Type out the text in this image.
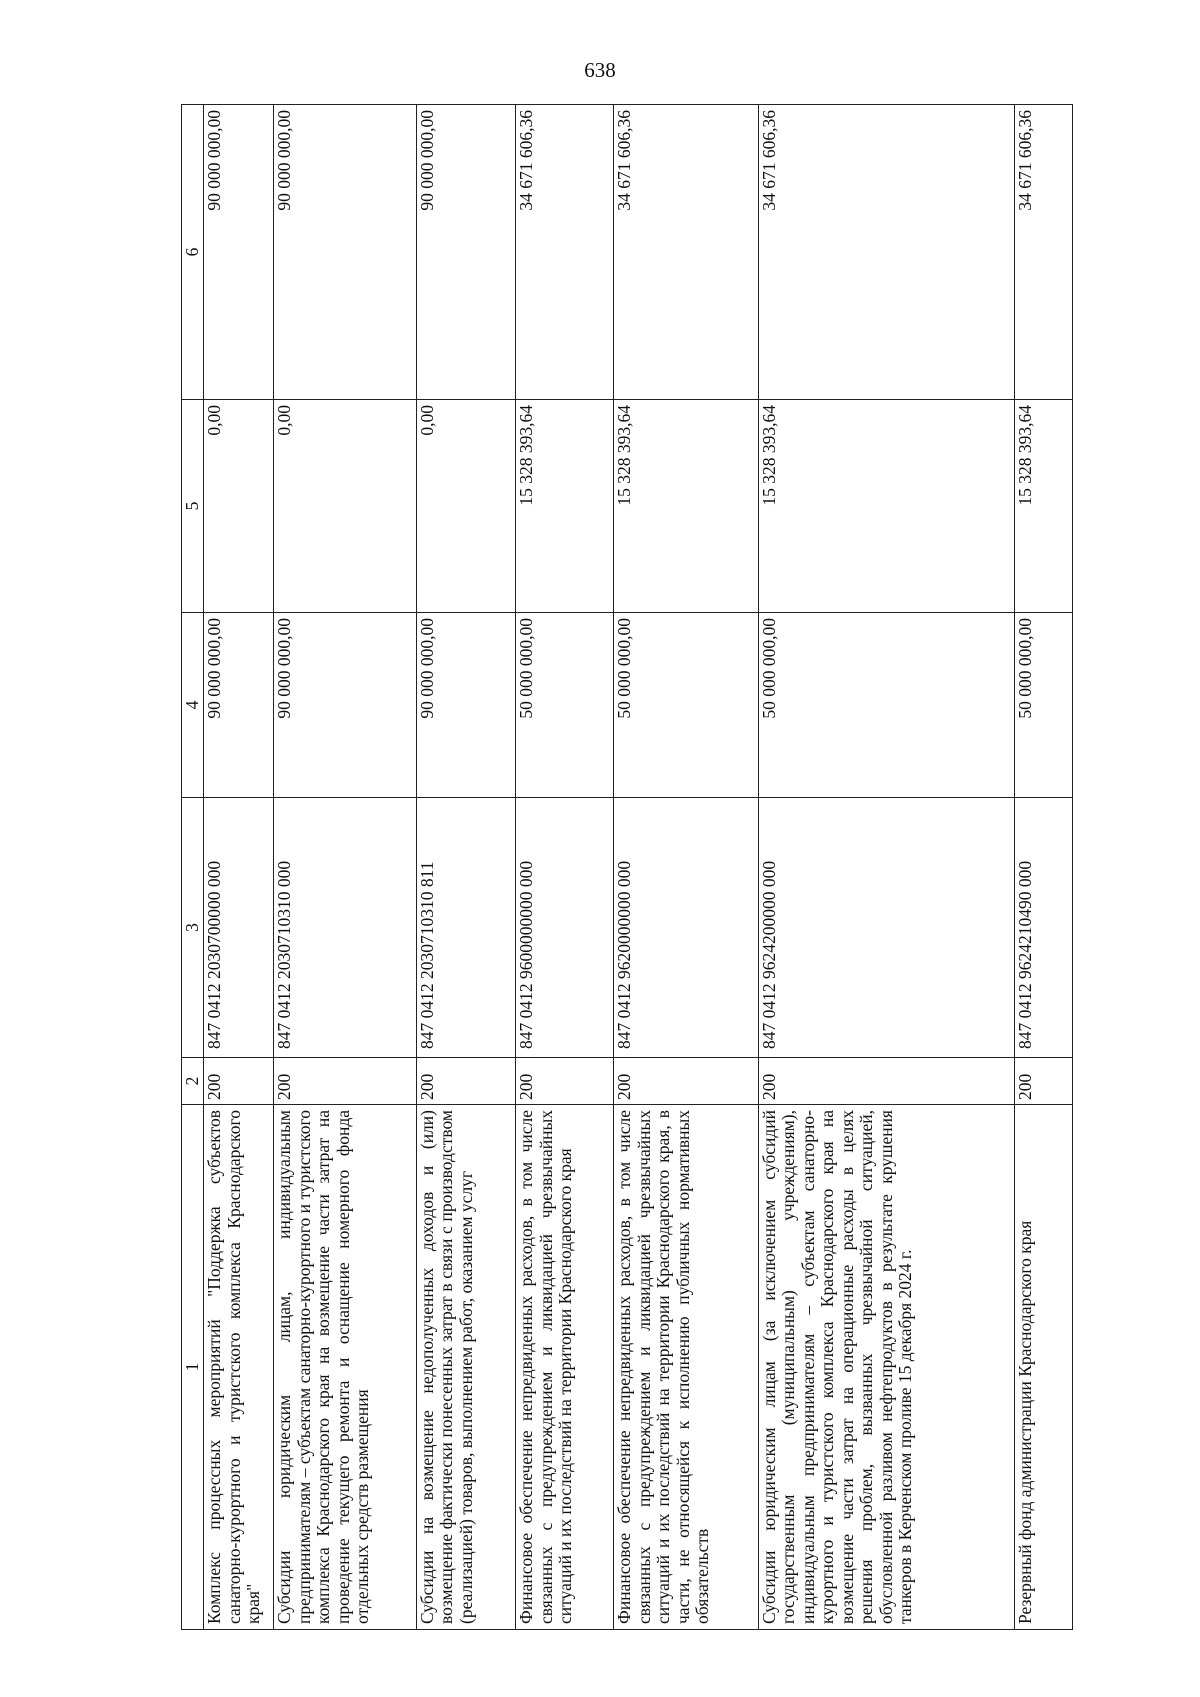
638
1	2	3	4	5	6
Комплекс процессных мероприятий "Поддержка субъектов санаторно-курортного и туристского комплекса Краснодарского края"	200	847 0412 2030700000 000	90 000 000,00	0,00	90 000 000,00
Субсидии юридическим лицам, индивидуальным предпринимателям – субъектам санаторно-курортного и туристского комплекса Краснодарского края на возмещение части затрат на проведение текущего ремонта и оснащение номерного фонда отдельных средств размещения	200	847 0412 2030710310 000	90 000 000,00	0,00	90 000 000,00
Субсидии на возмещение недополученных доходов и (или) возмещение фактически понесенных затрат в связи с производством (реализацией) товаров, выполнением работ, оказанием услуг	200	847 0412 2030710310 811	90 000 000,00	0,00	90 000 000,00
Финансовое обеспечение непредвиденных расходов, в том числе связанных с предупреждением и ликвидацией чрезвычайных ситуаций и их последствий на территории Краснодарского края	200	847 0412 9600000000 000	50 000 000,00	15 328 393,64	34 671 606,36
Финансовое обеспечение непредвиденных расходов, в том числе связанных с предупреждением и ликвидацией чрезвычайных ситуаций и их последствий на территории Краснодарского края, в части, не относящейся к исполнению публичных нормативных обязательств	200	847 0412 9620000000 000	50 000 000,00	15 328 393,64	34 671 606,36
Субсидии юридическим лицам (за исключением субсидий государственным (муниципальным) учреждениям), индивидуальным предпринимателям – субъектам санаторно-курортного и туристского комплекса Краснодарского края на возмещение части затрат на операционные расходы в целях решения проблем, вызванных чрезвычайной ситуацией, обусловленной разливом нефтепродуктов в результате крушения танкеров в Керченском проливе 15 декабря 2024 г.	200	847 0412 9624200000 000	50 000 000,00	15 328 393,64	34 671 606,36
Резервный фонд администрации Краснодарского края	200	847 0412 9624210490 000	50 000 000,00	15 328 393,64	34 671 606,36
